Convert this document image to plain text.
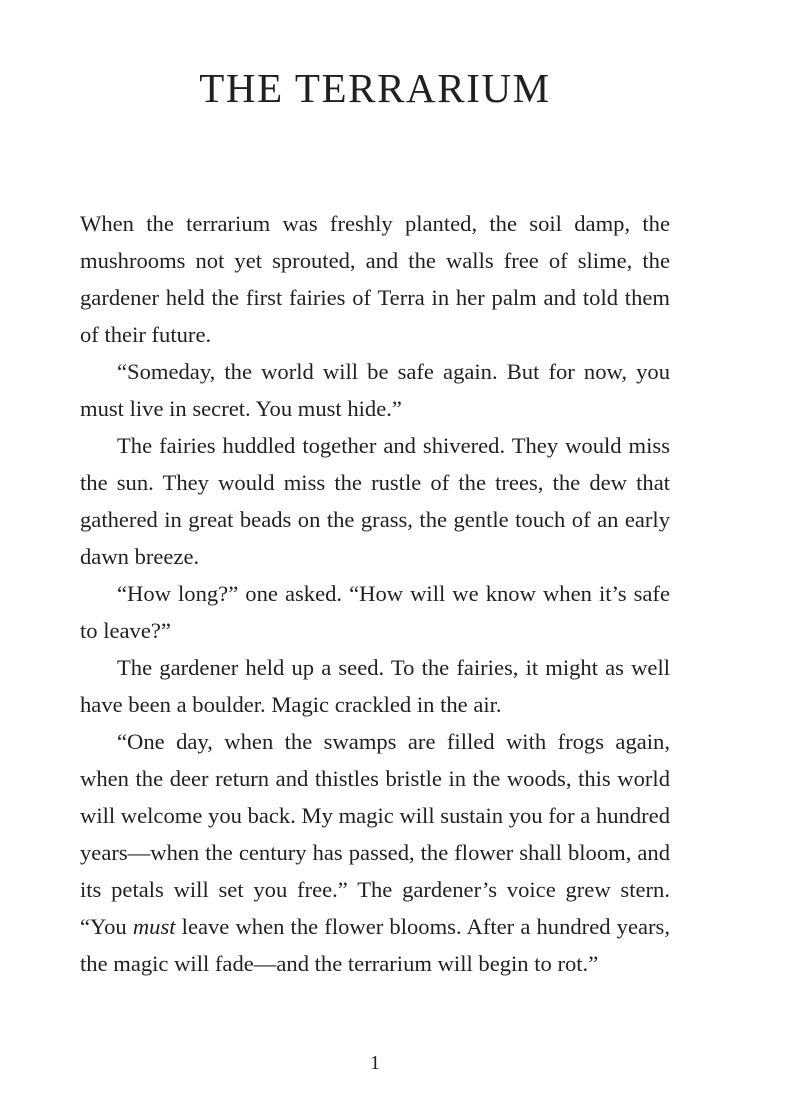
THE TERRARIUM

When the terrarium was freshly planted, the soil damp, the mushrooms not yet sprouted, and the walls free of slime, the gardener held the first fairies of Terra in her palm and told them of their future.

“Someday, the world will be safe again. But for now, you must live in secret. You must hide.”

The fairies huddled together and shivered. They would miss the sun. They would miss the rustle of the trees, the dew that gathered in great beads on the grass, the gentle touch of an early dawn breeze.

“How long?” one asked. “How will we know when it’s safe to leave?”

The gardener held up a seed. To the fairies, it might as well have been a boulder. Magic crackled in the air.

“One day, when the swamps are filled with frogs again, when the deer return and thistles bristle in the woods, this world will welcome you back. My magic will sustain you for a hundred years—when the century has passed, the flower shall bloom, and its petals will set you free.” The gardener’s voice grew stern. “You must leave when the flower blooms. After a hundred years, the magic will fade—and the terrarium will begin to rot.”

1
